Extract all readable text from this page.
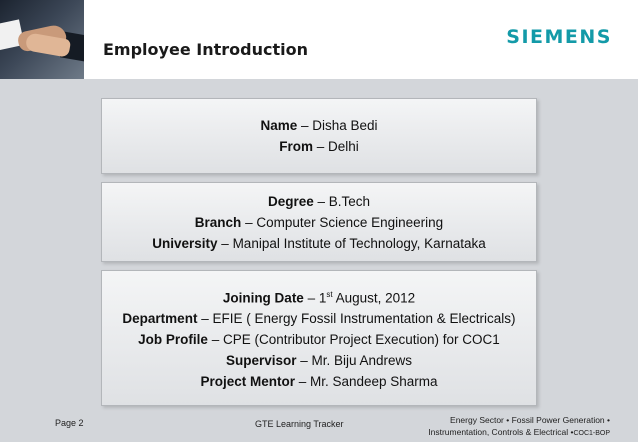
Employee Introduction
SIEMENS
Name – Disha Bedi
From – Delhi
Degree – B.Tech
Branch – Computer Science Engineering
University – Manipal Institute of Technology, Karnataka
Joining Date – 1st August, 2012
Department – EFIE ( Energy Fossil Instrumentation & Electricals)
Job Profile – CPE (Contributor Project Execution) for COC1
Supervisor – Mr. Biju Andrews
Project Mentor – Mr. Sandeep Sharma
Page 2	GTE Learning Tracker	Energy Sector • Fossil Power Generation •
Instrumentation, Controls & Electrical •COC1-BOP
